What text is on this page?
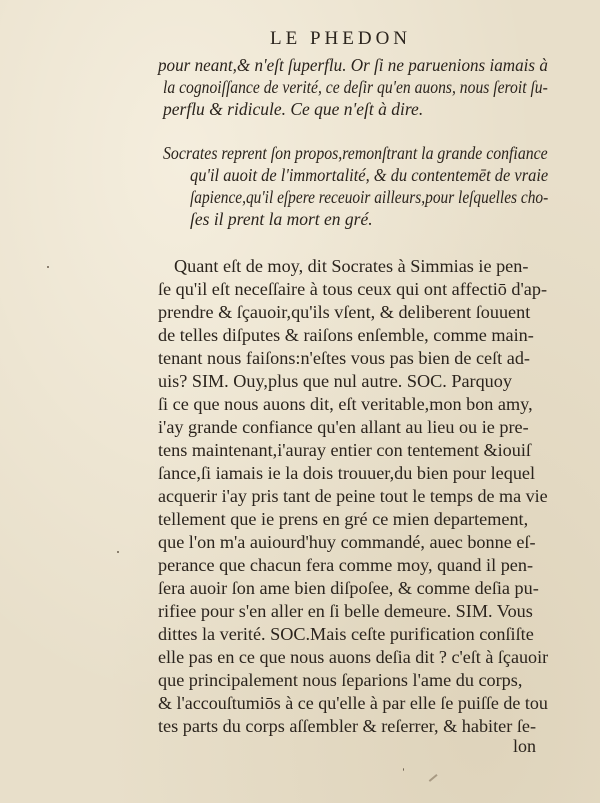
LE PHEDON
pour neant,& n'eſt ſuperflu. Or ſi ne paruenions iamais à
la cognoiſſance de verité, ce deſir qu'en auons, nous ſeroit ſu-
perflu & ridicule. Ce que n'eſt à dire.
Socrates reprent ſon propos,remonſtrant la grande confiance
qu'il auoit de l'immortalité, & du contentemēt de vraie
ſapience,qu'il eſpere receuoir ailleurs,pour leſquelles cho-
ſes il prent la mort en gré.
Quant eſt de moy, dit Socrates à Simmias ie pen-
ſe qu'il eſt neceſſaire à tous ceux qui ont affectiō d'ap-
prendre & ſçauoir,qu'ils vſent, & deliberent ſouuent
de telles diſputes & raiſons enſemble, comme main-
tenant nous faiſons:n'eſtes vous pas bien de ceſt ad-
uis? SIM. Ouy,plus que nul autre. SOC. Parquoy
ſi ce que nous auons dit, eſt veritable,mon bon amy,
i'ay grande confiance qu'en allant au lieu ou ie pre-
tens maintenant,i'auray entier con tentement &iouiſ
ſance,ſi iamais ie la dois trouuer,du bien pour lequel
acquerir i'ay pris tant de peine tout le temps de ma vie
tellement que ie prens en gré ce mien departement,
que l'on m'a auiourd'huy commandé, auec bonne eſ-
perance que chacun fera comme moy, quand il pen-
ſera auoir ſon ame bien diſpoſee, & comme deſia pu-
rifiee pour s'en aller en ſi belle demeure. SIM. Vous
dittes la verité. SOC.Mais ceſte purification conſiſte
elle pas en ce que nous auons deſia dit ? c'eſt à ſçauoir
que principalement nous ſeparions l'ame du corps,
& l'accouſtumiōs à ce qu'elle à par elle ſe puiſſe de tou
tes parts du corps aſſembler & reſerrer, & habiter ſe-
lon
